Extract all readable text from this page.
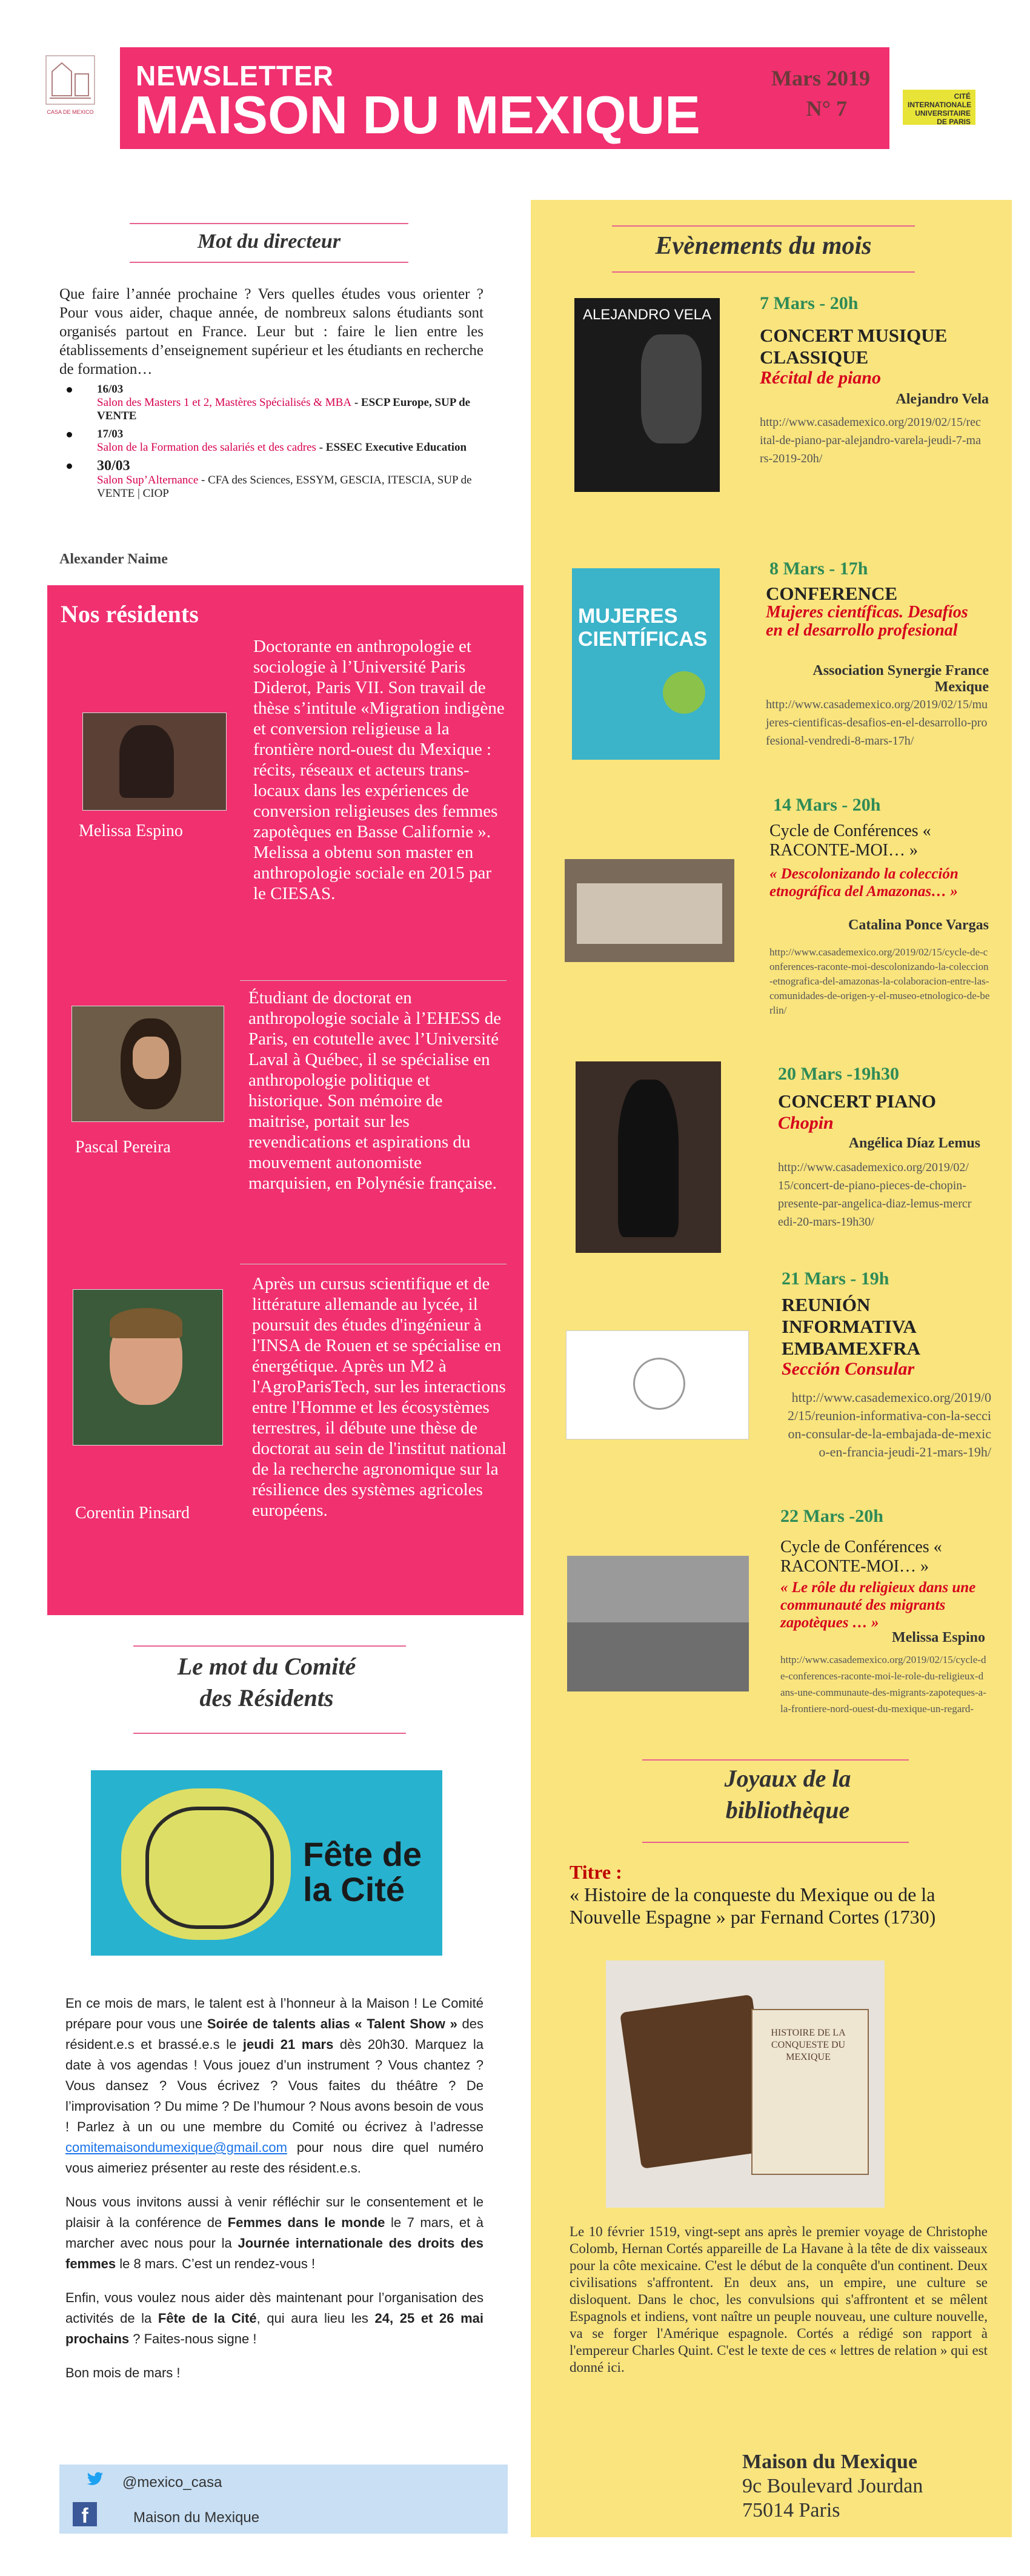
CASA DE MEXICO
NEWSLETTER
MAISON DU MEXIQUE
Mars 2019
N° 7	CITÉ INTERNATIONALE UNIVERSITAIRE DE PARIS
Mot du directeur
Que faire l’année prochaine ? Vers quelles études vous orienter ? Pour vous aider, chaque année, de nombreux salons étudiants sont organisés partout en France. Leur but : faire le lien entre les établissements d’enseignement supérieur et les étudiants en recherche de formation…
16/03
Salon des Masters 1 et 2, Mastères Spécialisés & MBA - ESCP Europe, SUP de VENTE
17/03
Salon de la Formation des salariés et des cadres - ESSEC Executive Education
30/03
Salon Sup’Alternance - CFA des Sciences, ESSYM, GESCIA, ITESCIA, SUP de VENTE | CIOP
Alexander Naime
Nos résidents
Melissa Espino
Doctorante en anthropologie et sociologie à l’Université Paris Diderot, Paris VII. Son travail de thèse s’intitule «Migration indigène et conversion religieuse a la frontière nord-ouest du Mexique : récits, réseaux et acteurs trans-locaux dans les expériences de conversion religieuses des femmes zapotèques en Basse Californie ». Melissa a obtenu son master en anthropologie sociale en 2015 par le CIESAS.
Pascal Pereira
Étudiant de doctorat en anthropologie sociale à l’EHESS de Paris, en cotutelle avec l’Université Laval à Québec, il se spécialise en anthropologie politique et historique. Son mémoire de maitrise, portait sur les revendications et aspirations du mouvement autonomiste marquisien, en Polynésie française.
Corentin Pinsard
Après un cursus scientifique et de littérature allemande au lycée, il poursuit des études d'ingénieur à l'INSA de Rouen et se spécialise en énergétique. Après un M2 à l'AgroParisTech, sur les interactions entre l'Homme et les écosystèmes terrestres, il débute une thèse de doctorat au sein de l'institut national de la recherche agronomique sur la résilience des systèmes agricoles européens.
Le mot du Comité
des Résidents
Fête de la Cité

En ce mois de mars, le talent est à l’honneur à la Maison ! Le Comité prépare pour vous une Soirée de talents alias « Talent Show » des résident.e.s et brassé.e.s le jeudi 21 mars dès 20h30. Marquez la date à vos agendas ! Vous jouez d’un instrument ? Vous chantez ? Vous dansez ? Vous écrivez ? Vous faites du théâtre ? De l’improvisation ? Du mime ? De l’humour ? Nous avons besoin de vous ! Parlez à un ou une membre du Comité ou écrivez à l’adresse comitemaisondumexique@gmail.com pour nous dire quel numéro vous aimeriez présenter au reste des résident.e.s.

Nous vous invitons aussi à venir réfléchir sur le consentement et le plaisir à la conférence de Femmes dans le monde le 7 mars, et à marcher avec nous pour la Journée internationale des droits des femmes le 8 mars. C’est un rendez-vous !

Enfin, vous voulez nous aider dès maintenant pour l’organisation des activités de la Fête de la Cité, qui aura lieu les 24, 25 et 26 mai prochains ? Faites-nous signe !

Bon mois de mars !

@mexico_casa
f	Maison du Mexique
Evènements du mois
ALEJANDRO VELA
7 Mars - 20h
CONCERT MUSIQUE CLASSIQUE
Récital de piano
Alejandro Vela
http://www.casademexico.org/2019/02/15/recital-de-piano-par-alejandro-varela-jeudi-7-mars-2019-20h/
MUJERES CIENTÍFICAS
8 Mars - 17h
CONFERENCE
Mujeres científicas. Desafíos en el desarrollo profesional
Association Synergie France Mexique
http://www.casademexico.org/2019/02/15/mujeres-cientificas-desafios-en-el-desarrollo-profesional-vendredi-8-mars-17h/
14 Mars - 20h
Cycle de Conférences « RACONTE-MOI… »
« Descolonizando la colección etnográfica del Amazonas… »
Catalina Ponce Vargas
http://www.casademexico.org/2019/02/15/cycle-de-conferences-raconte-moi-descolonizando-la-coleccion-etnografica-del-amazonas-la-colaboracion-entre-las-comunidades-de-origen-y-el-museo-etnologico-de-berlin/
20 Mars -19h30
CONCERT PIANO
Chopin
Angélica Díaz Lemus
http://www.casademexico.org/2019/02/15/concert-de-piano-pieces-de-chopin-presente-par-angelica-diaz-lemus-mercredi-20-mars-19h30/
21 Mars - 19h
REUNIÓN INFORMATIVA EMBAMEXFRA
Sección Consular
http://www.casademexico.org/2019/02/15/reunion-informativa-con-la-seccion-consular-de-la-embajada-de-mexico-en-francia-jeudi-21-mars-19h/
22 Mars -20h
Cycle de Conférences « RACONTE-MOI… »
« Le rôle du religieux dans une communauté des migrants zapotèques … »
Melissa Espino
http://www.casademexico.org/2019/02/15/cycle-de-conferences-raconte-moi-le-role-du-religieux-dans-une-communaute-des-migrants-zapoteques-a-la-frontiere-nord-ouest-du-mexique-un-regard-
Joyaux de la
bibliothèque
Titre :
« Histoire de la conqueste du Mexique ou de la Nouvelle Espagne » par Fernand Cortes (1730)
HISTOIRE DE LA CONQUESTE DU MEXIQUE
Le 10 février 1519, vingt-sept ans après le premier voyage de Christophe Colomb, Hernan Cortés appareille de La Havane à la tête de dix vaisseaux pour la côte mexicaine. C'est le début de la conquête d'un continent. Deux civilisations s'affrontent. En deux ans, un empire, une culture se disloquent. Dans le choc, les convulsions qui s'affrontent et se mêlent Espagnols et indiens, vont naître un peuple nouveau, une culture nouvelle, va se forger l'Amérique espagnole. Cortés a rédigé son rapport à l'empereur Charles Quint. C'est le texte de ces « lettres de relation » qui est donné ici.
Maison du Mexique
9c Boulevard Jourdan
75014 Paris
